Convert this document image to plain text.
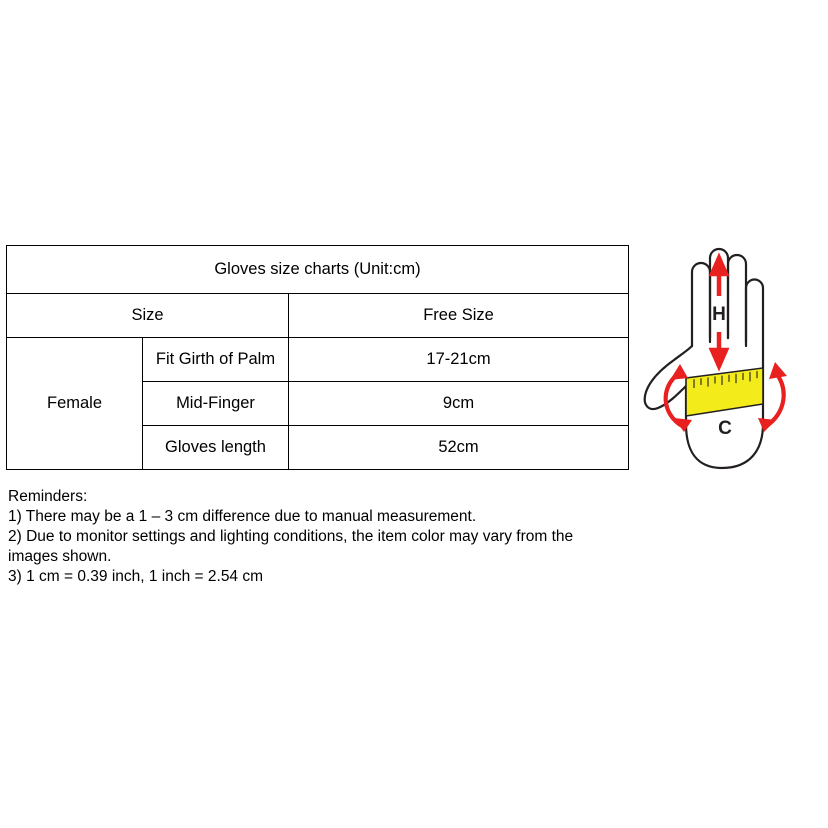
Gloves size charts (Unit:cm)		
Size		Free Size
Female	Fit Girth of Palm	17-21cm
	Mid-Finger	9cm
	Gloves length	52cm
Reminders:
1) There may be a 1 – 3 cm difference due to manual measurement.
2) Due to monitor settings and lighting conditions, the item color may vary from the images shown.
3) 1 cm = 0.39 inch, 1 inch = 2.54 cm
H
C
